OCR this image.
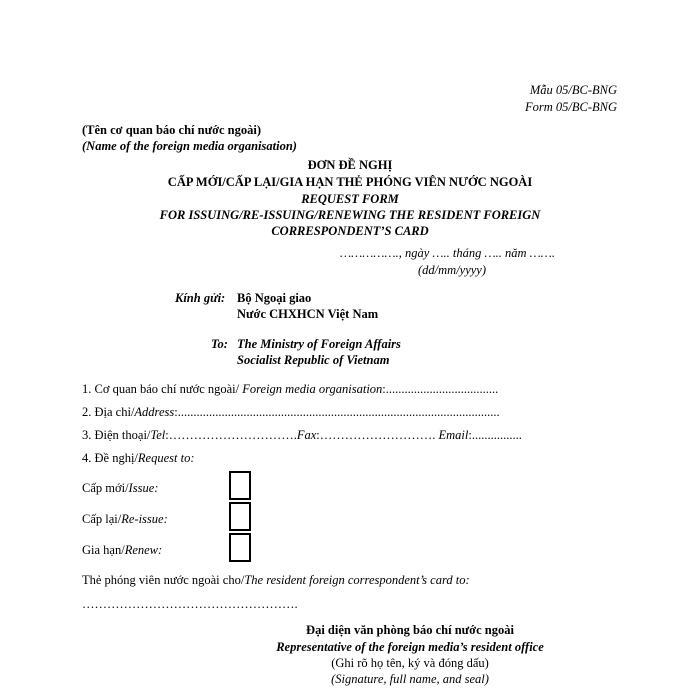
Mẫu 05/BC-BNG
Form 05/BC-BNG
(Tên cơ quan báo chí nước ngoài)
(Name of the foreign media organisation)
ĐƠN ĐỀ NGHỊ
CẤP MỚI/CẤP LẠI/GIA HẠN THẺ PHÓNG VIÊN NƯỚC NGOÀI
REQUEST FORM
FOR ISSUING/RE-ISSUING/RENEWING THE RESIDENT FOREIGN
CORRESPONDENT’S CARD
……………., ngày ….. tháng ….. năm …….
(dd/mm/yyyy)
Kính gửi: Bộ Ngoại giao
Nước CHXHCN Việt Nam
To: The Ministry of Foreign Affairs
Socialist Republic of Vietnam
1. Cơ quan báo chí nước ngoài/ Foreign media organisation:....................................
2. Địa chỉ/Address:.......................................................................................................
3. Điện thoại/Tel:………………………….Fax:………………………. Email:................
4. Đề nghị/Request to:
Cấp mới/Issue:
Cấp lại/Re-issue:
Gia hạn/Renew:
Thẻ phóng viên nước ngoài cho/The resident foreign correspondent’s card to:
…………………………………………….
Đại diện văn phòng báo chí nước ngoài
Representative of the foreign media’s resident office
(Ghi rõ họ tên, ký và đóng dấu)
(Signature, full name, and seal)
